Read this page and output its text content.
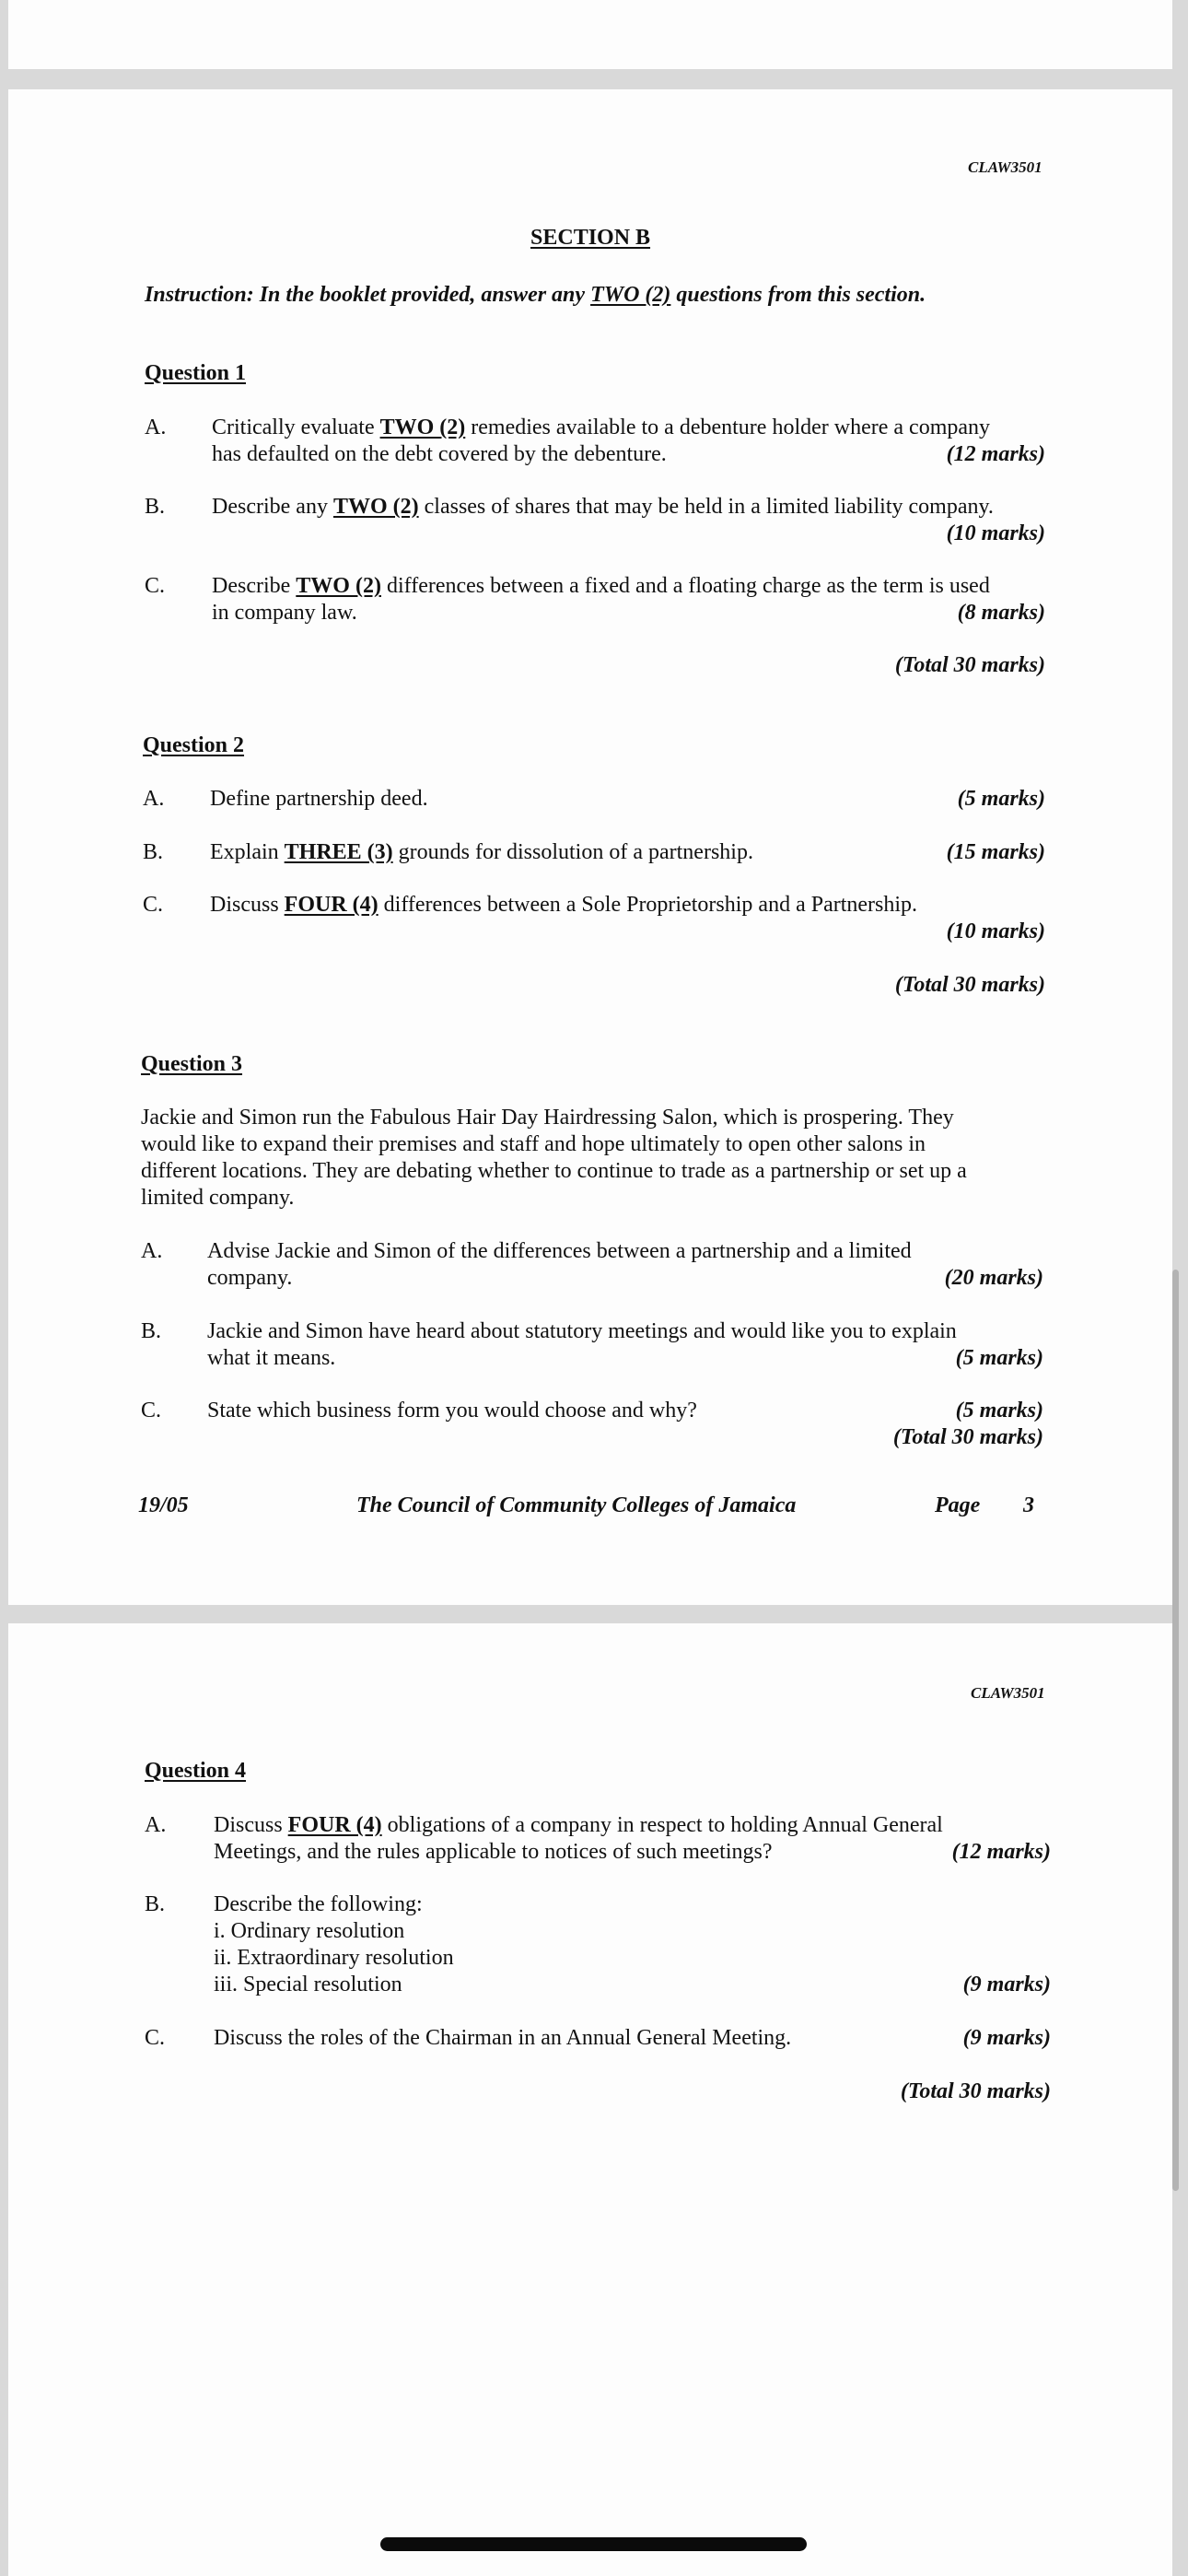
CLAW3501
SECTION B
Instruction: In the booklet provided, answer any TWO (2) questions from this section.
Question 1
A. Critically evaluate TWO (2) remedies available to a debenture holder where a company
has defaulted on the debt covered by the debenture.	(12 marks)
B. Describe any TWO (2) classes of shares that may be held in a limited liability company.
(10 marks)
C. Describe TWO (2) differences between a fixed and a floating charge as the term is used
in company law.	(8 marks)
(Total 30 marks)
Question 2
A. Define partnership deed.	(5 marks)
B. Explain THREE (3) grounds for dissolution of a partnership.	(15 marks)
C. Discuss FOUR (4) differences between a Sole Proprietorship and a Partnership.
(10 marks)
(Total 30 marks)
Question 3
Jackie and Simon run the Fabulous Hair Day Hairdressing Salon, which is prospering. They
would like to expand their premises and staff and hope ultimately to open other salons in
different locations. They are debating whether to continue to trade as a partnership or set up a
limited company.
A. Advise Jackie and Simon of the differences between a partnership and a limited
company.	(20 marks)
B. Jackie and Simon have heard about statutory meetings and would like you to explain
what it means.	(5 marks)
C. State which business form you would choose and why?	(5 marks)
(Total 30 marks)
19/05	The Council of Community Colleges of Jamaica	Page 3
CLAW3501
Question 4
A. Discuss FOUR (4) obligations of a company in respect to holding Annual General
Meetings, and the rules applicable to notices of such meetings?	(12 marks)
B. Describe the following:
i. Ordinary resolution
ii. Extraordinary resolution
iii. Special resolution	(9 marks)
C. Discuss the roles of the Chairman in an Annual General Meeting.	(9 marks)
(Total 30 marks)
